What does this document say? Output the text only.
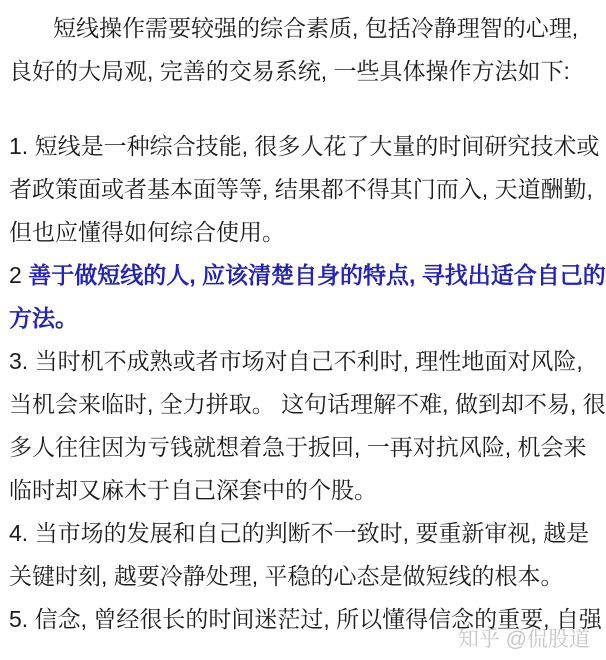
短线操作需要较强的综合素质, 包括冷静理智的心理,
良好的大局观, 完善的交易系统, 一些具体操作方法如下:
1. 短线是一种综合技能, 很多人花了大量的时间研究技术或
者政策面或者基本面等等, 结果都不得其门而入, 天道酬勤,
但也应懂得如何综合使用。
2 善于做短线的人, 应该清楚自身的特点, 寻找出适合自己的
方法。
3. 当时机不成熟或者市场对自己不利时, 理性地面对风险,
当机会来临时, 全力拼取。 这句话理解不难, 做到却不易, 很
多人往往因为亏钱就想着急于扳回, 一再对抗风险, 机会来
临时却又麻木于自己深套中的个股。
4. 当市场的发展和自己的判断不一致时, 要重新审视, 越是
关键时刻, 越要冷静处理, 平稳的心态是做短线的根本。
5. 信念, 曾经很长的时间迷茫过, 所以懂得信念的重要, 自强
知乎 @侃股道
